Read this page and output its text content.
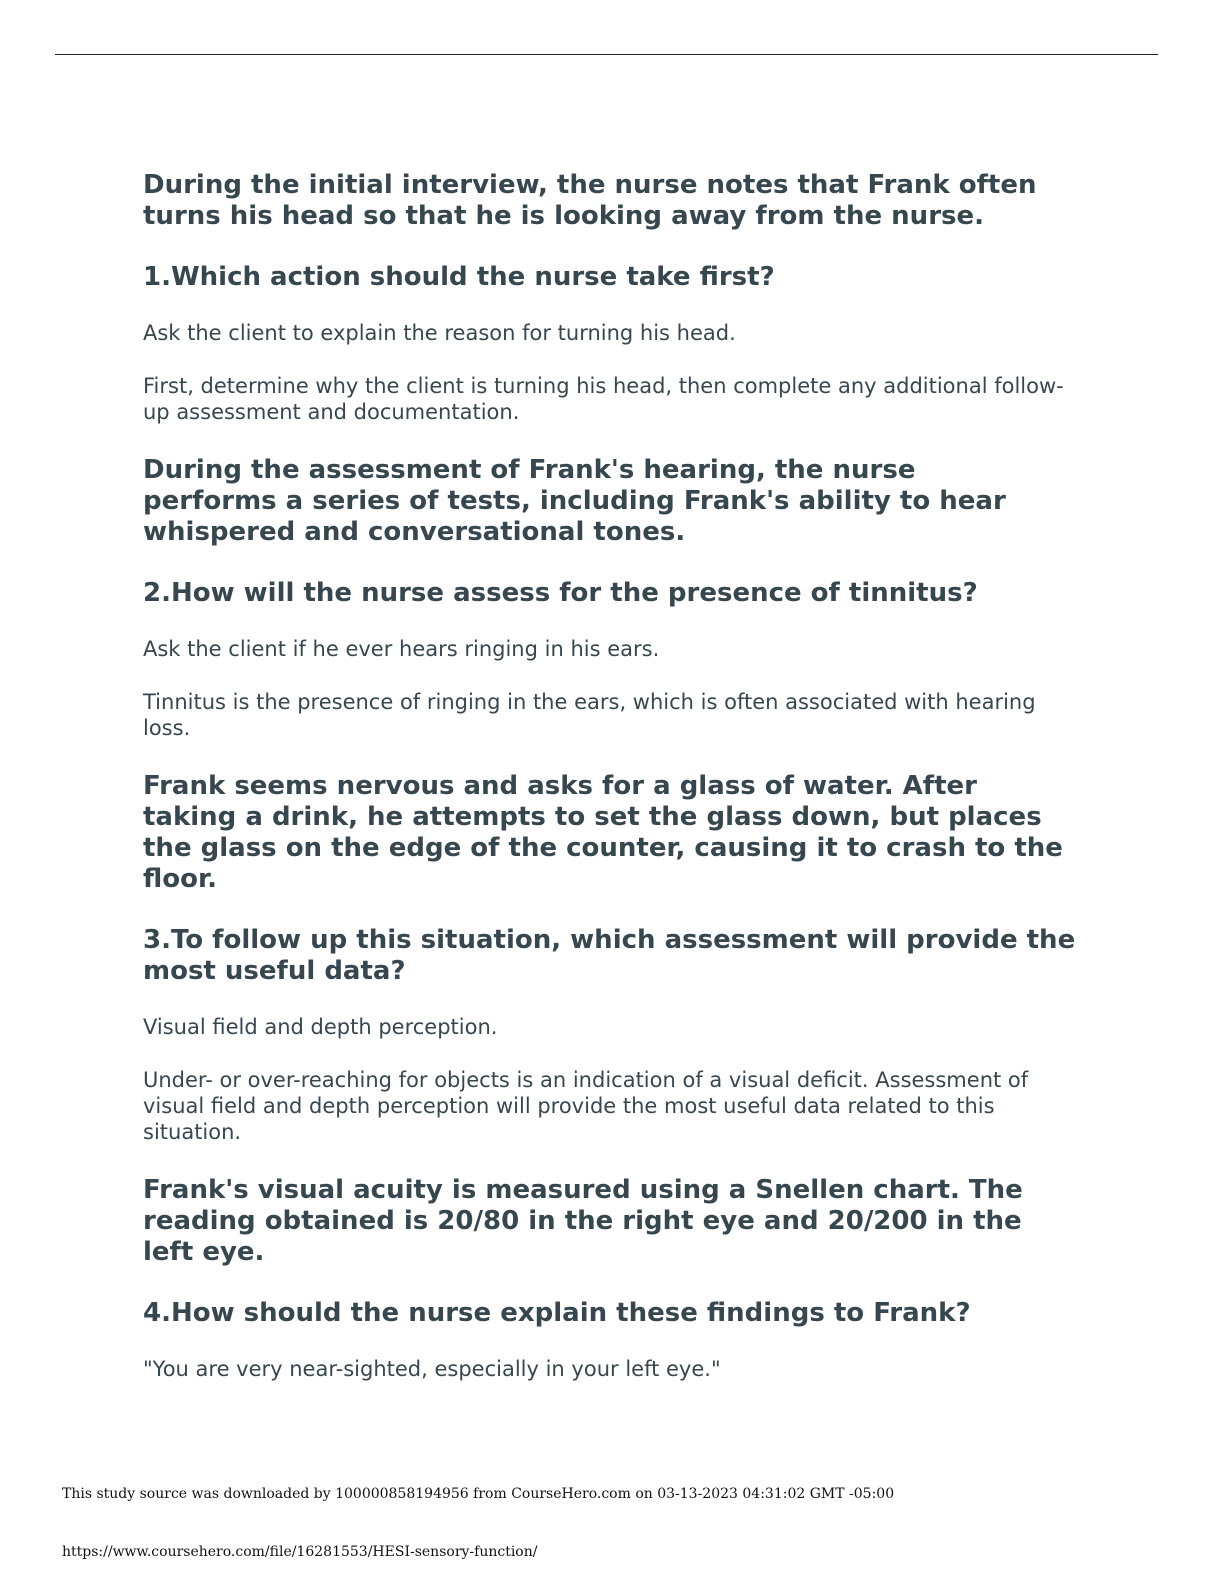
During the initial interview, the nurse notes that Frank often turns his head so that he is looking away from the nurse.

1.Which action should the nurse take first?

Ask the client to explain the reason for turning his head.

First, determine why the client is turning his head, then complete any additional follow-up assessment and documentation.

During the assessment of Frank's hearing, the nurse performs a series of tests, including Frank's ability to hear whispered and conversational tones.

2.How will the nurse assess for the presence of tinnitus?

Ask the client if he ever hears ringing in his ears.

Tinnitus is the presence of ringing in the ears, which is often associated with hearing loss.

Frank seems nervous and asks for a glass of water. After taking a drink, he attempts to set the glass down, but places the glass on the edge of the counter, causing it to crash to the floor.

3.To follow up this situation, which assessment will provide the most useful data?

Visual field and depth perception.

Under- or over-reaching for objects is an indication of a visual deficit. Assessment of visual field and depth perception will provide the most useful data related to this situation.

Frank's visual acuity is measured using a Snellen chart. The reading obtained is 20/80 in the right eye and 20/200 in the left eye.

4.How should the nurse explain these findings to Frank?

"You are very near-sighted, especially in your left eye."

This study source was downloaded by 100000858194956 from CourseHero.com on 03-13-2023 04:31:02 GMT -05:00
https://www.coursehero.com/file/16281553/HESI-sensory-function/
